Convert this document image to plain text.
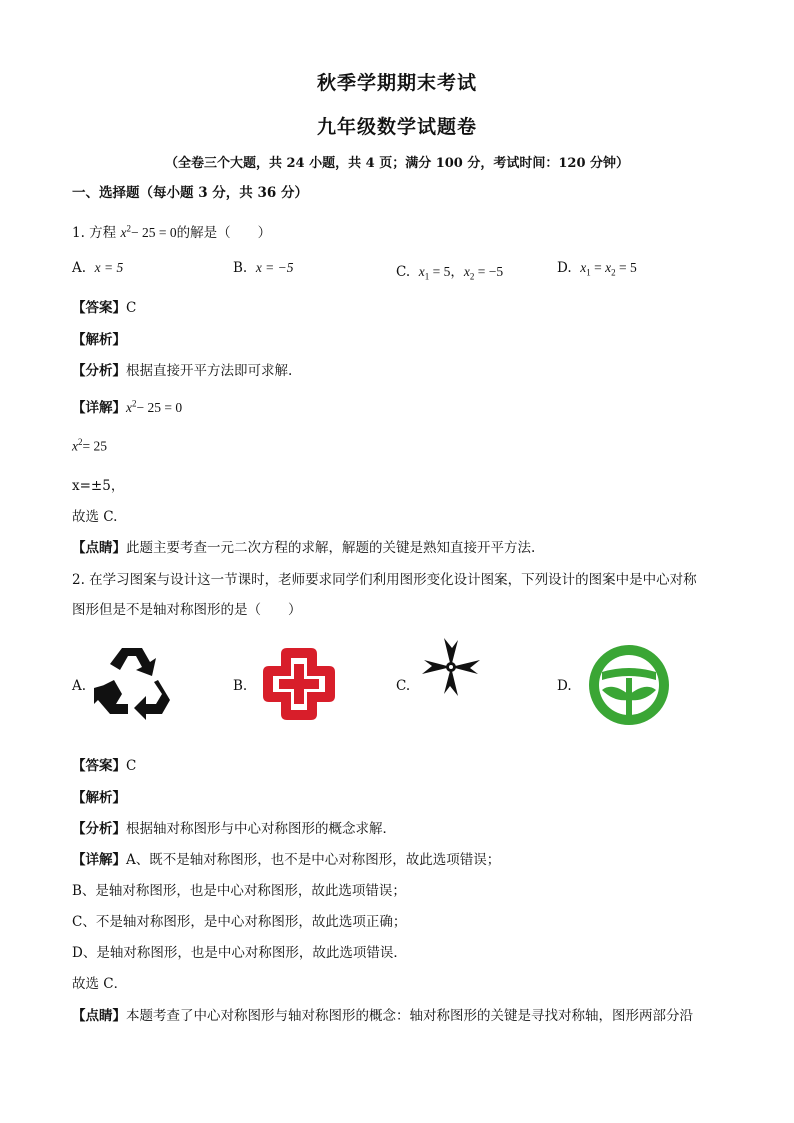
秋季学期期末考试
九年级数学试题卷
（全卷三个大题，共 24 小题，共 4 页；满分 100 分，考试时间：120 分钟）
一、选择题（每小题 3 分，共 36 分）
1. 方程 $x^2- 25 = 0$的解是（　　）
A. x = 5	B. x = −5	C. $x_1 = 5$，$x_2 = -5$	D. $x_1 = x_2 = 5$
【答案】C
【解析】
【分析】根据直接开平方法即可求解.
【详解】$x^2- 25 = 0$
$x^2= 25$
x=±5，
故选 C.
【点睛】此题主要考查一元二次方程的求解，解题的关键是熟知直接开平方法.
2. 在学习图案与设计这一节课时，老师要求同学们利用图形变化设计图案，下列设计的图案中是中心对称
图形但是不是轴对称图形的是（　　）
A.	B.	C.	D.
【答案】C
【解析】
【分析】根据轴对称图形与中心对称图形的概念求解．
【详解】A、既不是轴对称图形，也不是中心对称图形，故此选项错误；
B、是轴对称图形，也是中心对称图形，故此选项错误；
C、不是轴对称图形，是中心对称图形，故此选项正确；
D、是轴对称图形，也是中心对称图形，故此选项错误．
故选 C．
【点睛】本题考查了中心对称图形与轴对称图形的概念：轴对称图形的关键是寻找对称轴，图形两部分沿
